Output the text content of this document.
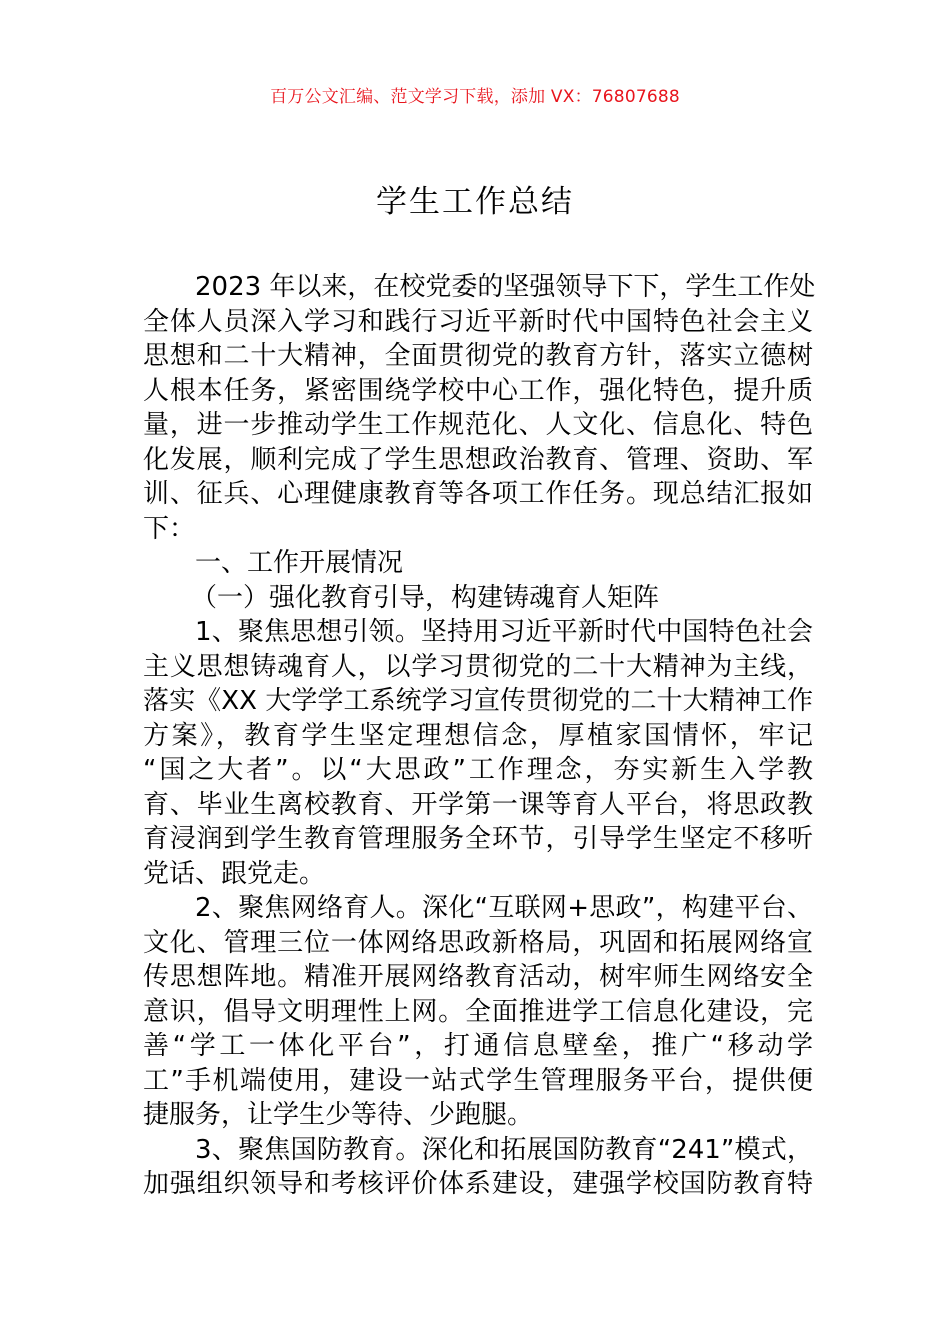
百万公文汇编、范文学习下载，添加 VX：76807688
学生工作总结
2023 年以来，在校党委的坚强领导下下，学生工作处
全体人员深入学习和践行习近平新时代中国特色社会主义
思想和二十大精神，全面贯彻党的教育方针，落实立德树
人根本任务，紧密围绕学校中心工作，强化特色，提升质
量，进一步推动学生工作规范化、人文化、信息化、特色
化发展，顺利完成了学生思想政治教育、管理、资助、军
训、征兵、心理健康教育等各项工作任务。现总结汇报如
下：
一、工作开展情况
（一）强化教育引导，构建铸魂育人矩阵
1、聚焦思想引领。坚持用习近平新时代中国特色社会
主义思想铸魂育人，以学习贯彻党的二十大精神为主线，
落实《XX 大学学工系统学习宣传贯彻党的二十大精神工作
方案》，教育学生坚定理想信念，厚植家国情怀，牢记
“国之大者”。以“大思政”工作理念，夯实新生入学教
育、毕业生离校教育、开学第一课等育人平台，将思政教
育浸润到学生教育管理服务全环节，引导学生坚定不移听
党话、跟党走。
2、聚焦网络育人。深化“互联网+思政”，构建平台、
文化、管理三位一体网络思政新格局，巩固和拓展网络宣
传思想阵地。精准开展网络教育活动，树牢师生网络安全
意识，倡导文明理性上网。全面推进学工信息化建设，完
善“学工一体化平台”，打通信息壁垒，推广“移动学
工”手机端使用，建设一站式学生管理服务平台，提供便
捷服务，让学生少等待、少跑腿。
3、聚焦国防教育。深化和拓展国防教育“241”模式，
加强组织领导和考核评价体系建设，建强学校国防教育特
